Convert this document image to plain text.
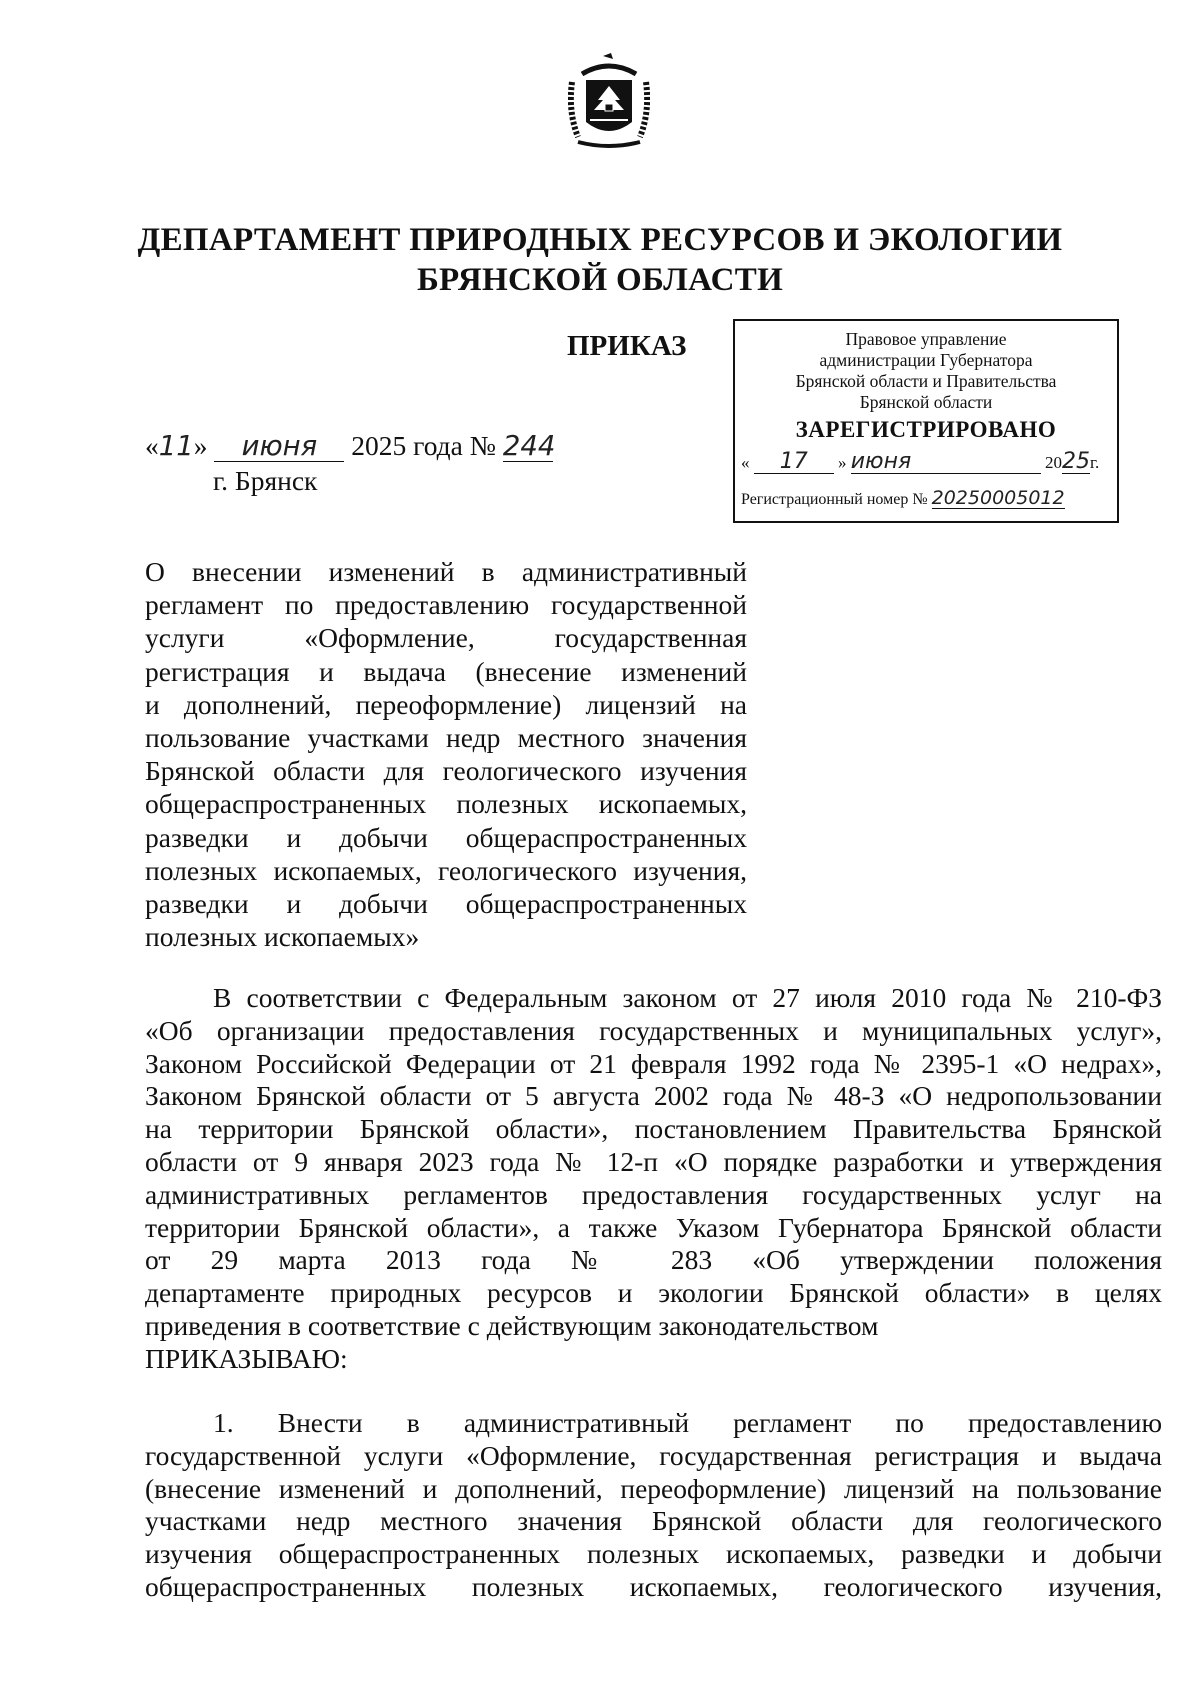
ДЕПАРТАМЕНТ ПРИРОДНЫХ РЕСУРСОВ И ЭКОЛОГИИ
БРЯНСКОЙ ОБЛАСТИ
ПРИКАЗ
«11» июня 2025 года № 244
г. Брянск
Правовое управление
администрации Губернатора
Брянской области и Правительства
Брянской области
ЗАРЕГИСТРИРОВАНО
« 17 » июня	2025г.
Регистрационный номер № 20250005012
О внесении изменений в административный
регламент по предоставлению государственной
услуги «Оформление, государственная
регистрация и выдача (внесение изменений
и дополнений, переоформление) лицензий на
пользование участками недр местного значения
Брянской области для геологического изучения
общераспространенных полезных ископаемых,
разведки и добычи общераспространенных
полезных ископаемых, геологического изучения,
разведки и добычи общераспространенных
полезных ископаемых»
В соответствии с Федеральным законом от 27 июля 2010 года № 210-ФЗ
«Об организации предоставления государственных и муниципальных услуг»,
Законом Российской Федерации от 21 февраля 1992 года № 2395-1 «О недрах»,
Законом Брянской области от 5 августа 2002 года № 48-З «О недропользовании
на территории Брянской области», постановлением Правительства Брянской
области от 9 января 2023 года № 12-п «О порядке разработки и утверждения
административных регламентов предоставления государственных услуг на
территории Брянской области», а также Указом Губернатора Брянской области
от 29 марта 2013 года № 283 «Об утверждении положения
департаменте природных ресурсов и экологии Брянской области» в целях
приведения в соответствие с действующим законодательством
ПРИКАЗЫВАЮ:
1. Внести в административный регламент по предоставлению
государственной услуги «Оформление, государственная регистрация и выдача
(внесение изменений и дополнений, переоформление) лицензий на пользование
участками недр местного значения Брянской области для геологического
изучения общераспространенных полезных ископаемых, разведки и добычи
общераспространенных полезных ископаемых, геологического изучения,
